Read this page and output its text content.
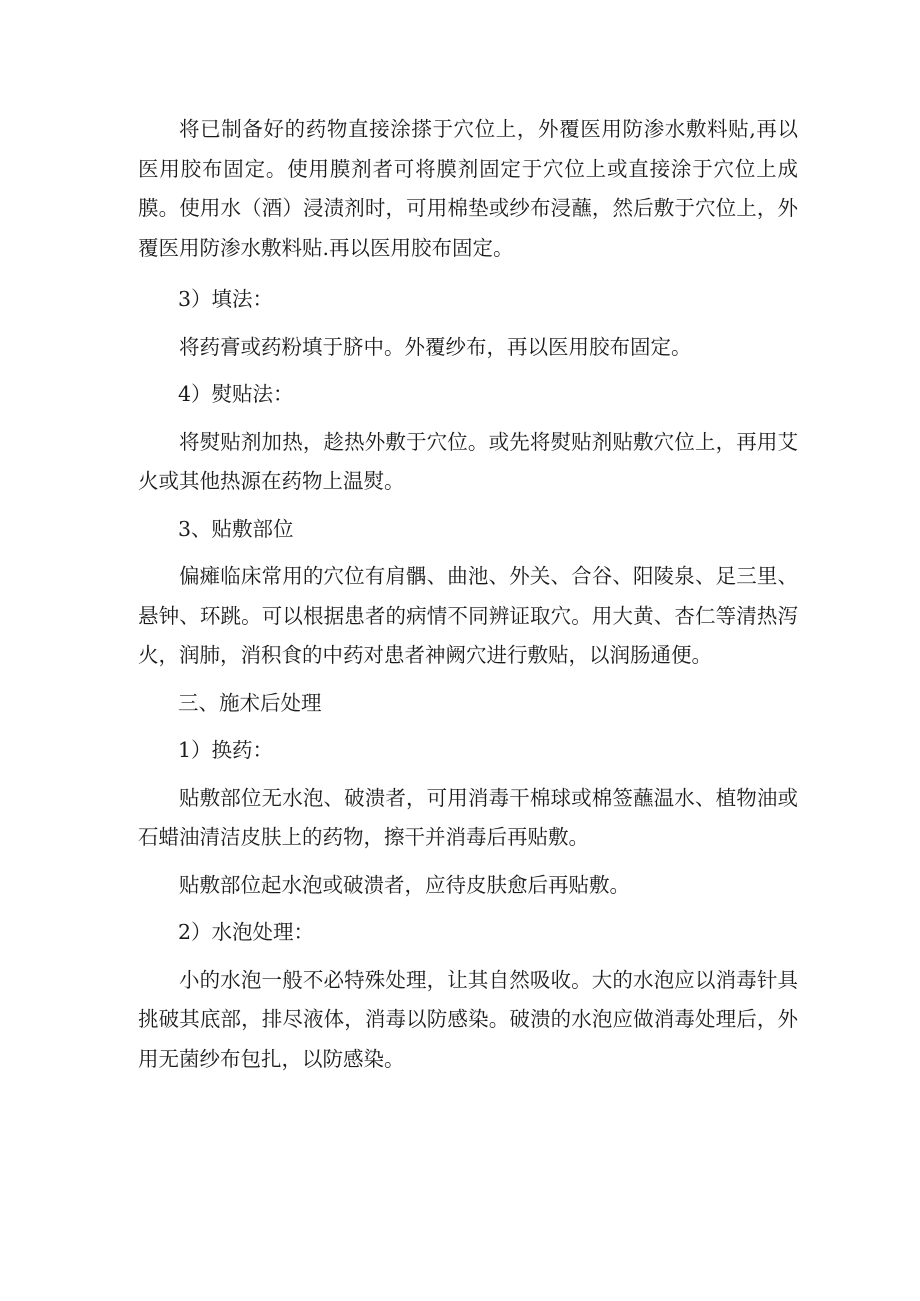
将已制备好的药物直接涂搽于穴位上，外覆医用防渗水敷料贴,再以医用胶布固定。使用膜剂者可将膜剂固定于穴位上或直接涂于穴位上成膜。使用水（酒）浸渍剂时，可用棉垫或纱布浸蘸，然后敷于穴位上，外覆医用防渗水敷料贴.再以医用胶布固定。

3）填法：

将药膏或药粉填于脐中。外覆纱布，再以医用胶布固定。

4）熨贴法：

将熨贴剂加热，趁热外敷于穴位。或先将熨贴剂贴敷穴位上，再用艾火或其他热源在药物上温熨。

3、贴敷部位

偏瘫临床常用的穴位有肩髃、曲池、外关、合谷、阳陵泉、足三里、悬钟、环跳。可以根据患者的病情不同辨证取穴。用大黄、杏仁等清热泻火，润肺，消积食的中药对患者神阙穴进行敷贴，以润肠通便。

三、施术后处理

1）换药：

贴敷部位无水泡、破溃者，可用消毒干棉球或棉签蘸温水、植物油或石蜡油清洁皮肤上的药物，擦干并消毒后再贴敷。

贴敷部位起水泡或破溃者，应待皮肤愈后再贴敷。

2）水泡处理：

小的水泡一般不必特殊处理，让其自然吸收。大的水泡应以消毒针具挑破其底部，排尽液体，消毒以防感染。破溃的水泡应做消毒处理后，外用无菌纱布包扎，以防感染。
